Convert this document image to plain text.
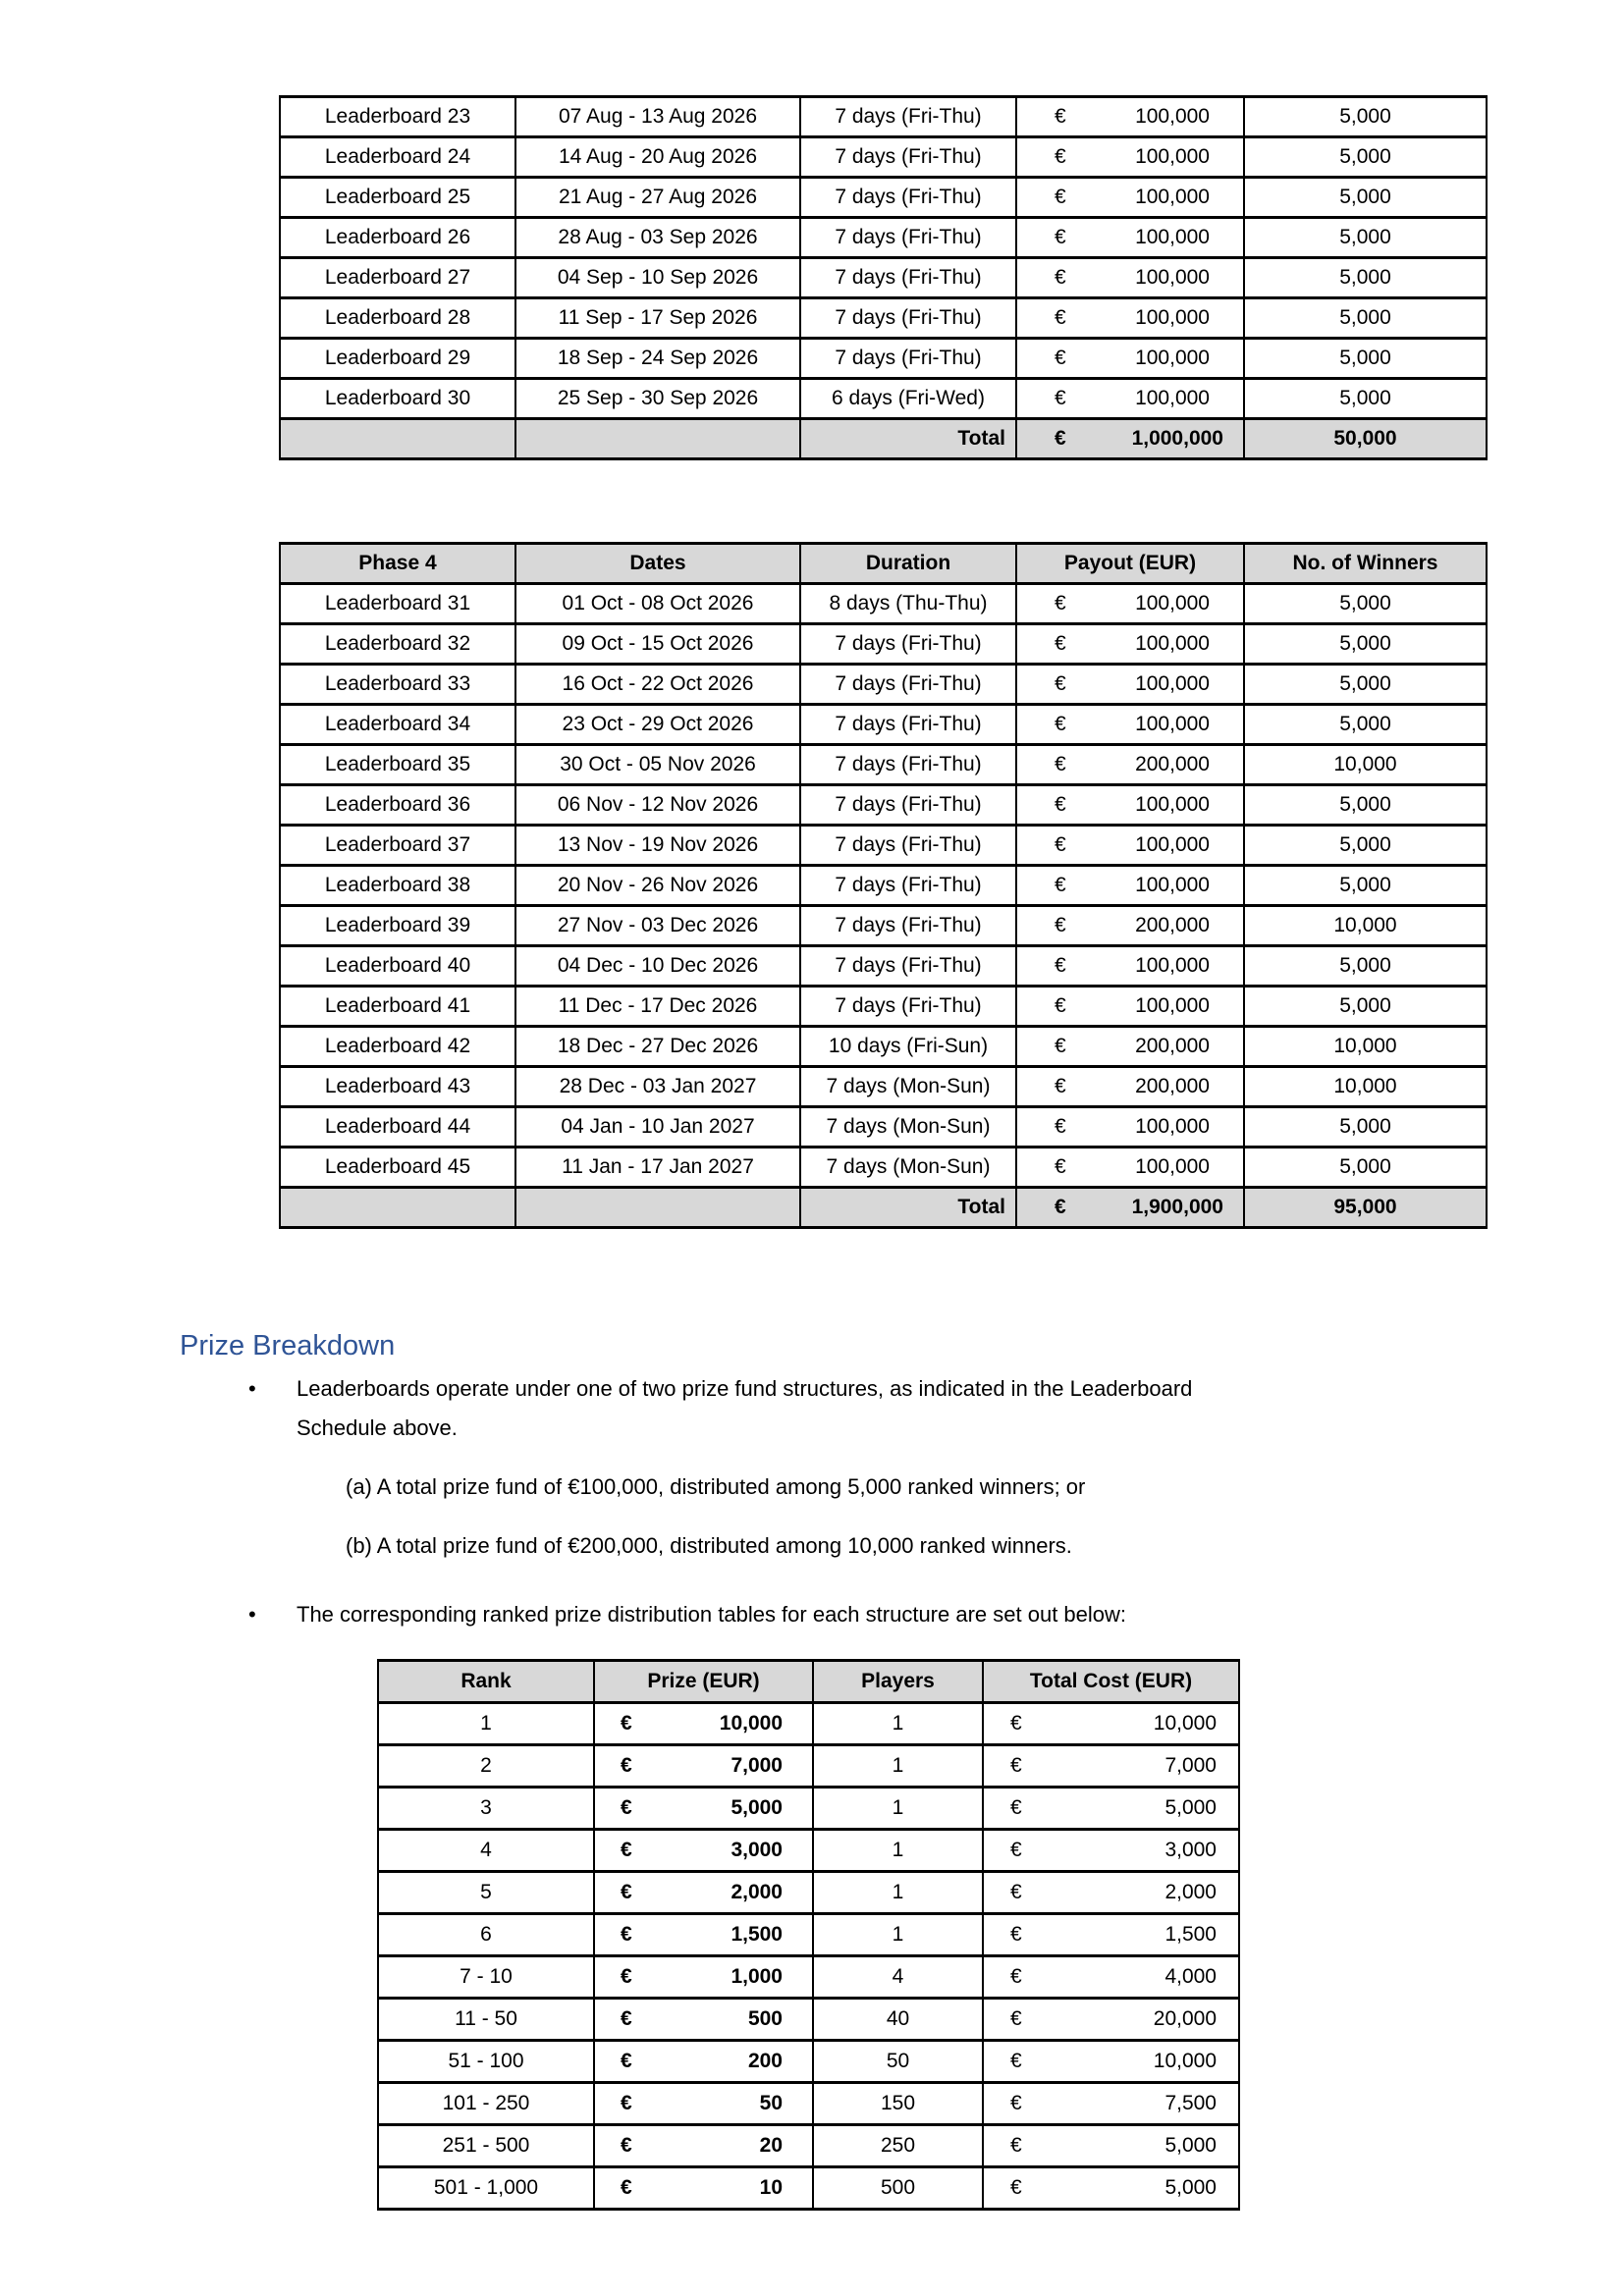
Leaderboard 23	07 Aug - 13 Aug 2026	7 days (Fri-Thu)	€ 100,000	5,000
Leaderboard 24	14 Aug - 20 Aug 2026	7 days (Fri-Thu)	€ 100,000	5,000
Leaderboard 25	21 Aug - 27 Aug 2026	7 days (Fri-Thu)	€ 100,000	5,000
Leaderboard 26	28 Aug - 03 Sep 2026	7 days (Fri-Thu)	€ 100,000	5,000
Leaderboard 27	04 Sep - 10 Sep 2026	7 days (Fri-Thu)	€ 100,000	5,000
Leaderboard 28	11 Sep - 17 Sep 2026	7 days (Fri-Thu)	€ 100,000	5,000
Leaderboard 29	18 Sep - 24 Sep 2026	7 days (Fri-Thu)	€ 100,000	5,000
Leaderboard 30	25 Sep - 30 Sep 2026	6 days (Fri-Wed)	€ 100,000	5,000
		Total	€ 1,000,000	50,000
Phase 4	Dates	Duration	Payout (EUR)	No. of Winners
Leaderboard 31	01 Oct - 08 Oct 2026	8 days (Thu-Thu)	€ 100,000	5,000
Leaderboard 32	09 Oct - 15 Oct 2026	7 days (Fri-Thu)	€ 100,000	5,000
Leaderboard 33	16 Oct - 22 Oct 2026	7 days (Fri-Thu)	€ 100,000	5,000
Leaderboard 34	23 Oct - 29 Oct 2026	7 days (Fri-Thu)	€ 100,000	5,000
Leaderboard 35	30 Oct - 05 Nov 2026	7 days (Fri-Thu)	€ 200,000	10,000
Leaderboard 36	06 Nov - 12 Nov 2026	7 days (Fri-Thu)	€ 100,000	5,000
Leaderboard 37	13 Nov - 19 Nov 2026	7 days (Fri-Thu)	€ 100,000	5,000
Leaderboard 38	20 Nov - 26 Nov 2026	7 days (Fri-Thu)	€ 100,000	5,000
Leaderboard 39	27 Nov - 03 Dec 2026	7 days (Fri-Thu)	€ 200,000	10,000
Leaderboard 40	04 Dec - 10 Dec 2026	7 days (Fri-Thu)	€ 100,000	5,000
Leaderboard 41	11 Dec - 17 Dec 2026	7 days (Fri-Thu)	€ 100,000	5,000
Leaderboard 42	18 Dec - 27 Dec 2026	10 days (Fri-Sun)	€ 200,000	10,000
Leaderboard 43	28 Dec - 03 Jan 2027	7 days (Mon-Sun)	€ 200,000	10,000
Leaderboard 44	04 Jan - 10 Jan 2027	7 days (Mon-Sun)	€ 100,000	5,000
Leaderboard 45	11 Jan - 17 Jan 2027	7 days (Mon-Sun)	€ 100,000	5,000
		Total	€ 1,900,000	95,000
Prize Breakdown
•	Leaderboards operate under one of two prize fund structures, as indicated in the Leaderboard
Schedule above.
(a) A total prize fund of €100,000, distributed among 5,000 ranked winners; or
(b) A total prize fund of €200,000, distributed among 10,000 ranked winners.
•	The corresponding ranked prize distribution tables for each structure are set out below:
Rank	Prize (EUR)	Players	Total Cost (EUR)
1	€ 10,000	1	€ 10,000

2	€ 7,000	1	€ 7,000

3	€ 5,000	1	€ 5,000

4	€ 3,000	1	€ 3,000

5	€ 2,000	1	€ 2,000

6	€ 1,500	1	€ 1,500

7 - 10	€ 1,000	4	€ 4,000

11 - 50	€ 500	40	€ 20,000

51 - 100	€ 200	50	€ 10,000

101 - 250	€ 50	150	€ 7,500

251 - 500	€ 20	250	€ 5,000

501 - 1,000	€ 10	500	€ 5,000
